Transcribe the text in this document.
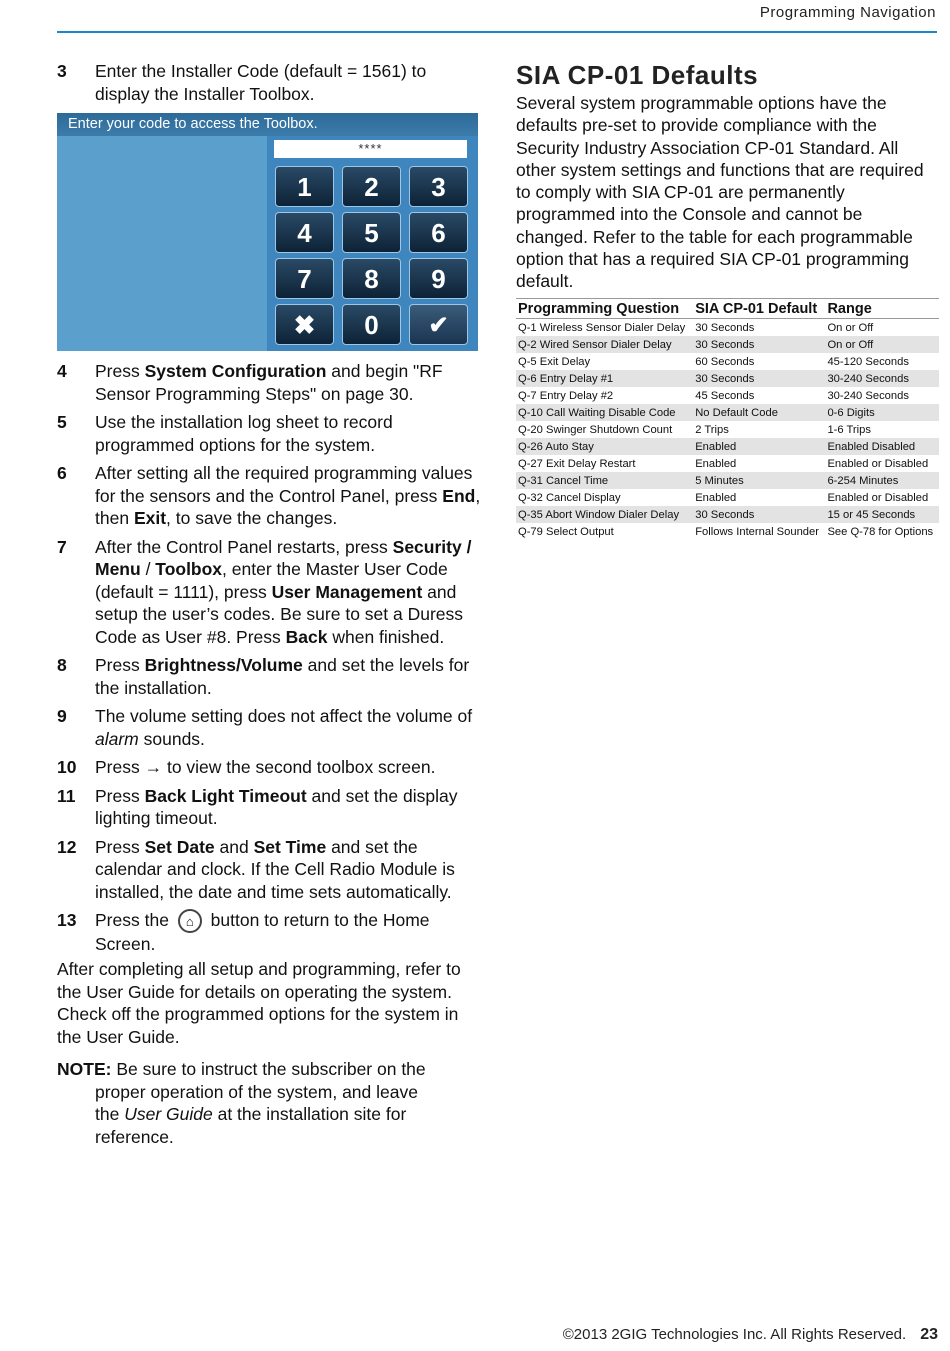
Programming Navigation
3 Enter the Installer Code (default = 1561) to display the Installer Toolbox.
Enter your code to access the Toolbox.
****
1	2	3
4	5	6
7	8	9
✖	0	✔
4 Press System Configuration and begin "RF Sensor Programming Steps" on page 30.
5 Use the installation log sheet to record programmed options for the system.
6 After setting all the required programming values for the sensors and the Control Panel, press End, then Exit, to save the changes.
7 After the Control Panel restarts, press Security / Menu / Toolbox, enter the Master User Code (default = 1111), press User Management and setup the user’s codes. Be sure to set a Duress Code as User #8. Press Back when finished.
8 Press Brightness/Volume and set the levels for the installation.
9 The volume setting does not affect the volume of alarm sounds.
10 Press → to view the second toolbox screen.
11 Press Back Light Timeout and set the display lighting timeout.
12 Press Set Date and Set Time and set the calendar and clock. If the Cell Radio Module is installed, the date and time sets automatically.
13 Press the ⌂ button to return to the Home Screen.
After completing all setup and programming, refer to the User Guide for details on operating the system. Check off the programmed options for the system in the User Guide.
NOTE: Be sure to instruct the subscriber on the proper operation of the system, and leave the User Guide at the installation site for reference.
SIA CP-01 Defaults
Several system programmable options have the defaults pre-set to provide compliance with the Security Industry Association CP-01 Standard. All other system settings and functions that are required to comply with SIA CP-01 are permanently programmed into the Console and cannot be changed. Refer to the table for each programmable option that has a required SIA CP-01 programming default.
Programming Question	SIA CP-01 Default	Range
Q-1 Wireless Sensor Dialer Delay	30 Seconds	On or Off
Q-2 Wired Sensor Dialer Delay	30 Seconds	On or Off
Q-5 Exit Delay	60 Seconds	45-120 Seconds
Q-6 Entry Delay #1	30 Seconds	30-240 Seconds
Q-7 Entry Delay #2	45 Seconds	30-240 Seconds
Q-10 Call Waiting Disable Code	No Default Code	0-6 Digits
Q-20 Swinger Shutdown Count	2 Trips	1-6 Trips
Q-26 Auto Stay	Enabled	Enabled Disabled
Q-27 Exit Delay Restart	Enabled	Enabled or Disabled
Q-31 Cancel Time	5 Minutes	6-254 Minutes
Q-32 Cancel Display	Enabled	Enabled or Disabled
Q-35 Abort Window Dialer Delay	30 Seconds	15 or 45 Seconds
Q-79 Select Output	Follows Internal Sounder	See Q-78 for Options
©2013 2GIG Technologies Inc. All Rights Reserved. 23
